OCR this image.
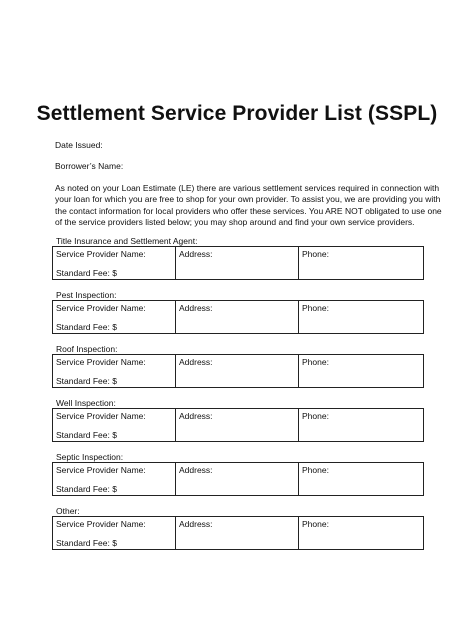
Settlement Service Provider List (SSPL)
Date Issued:
Borrower’s Name:
As noted on your Loan Estimate (LE) there are various settlement services required in connection with
your loan for which you are free to shop for your own provider. To assist you, we are providing you with
the contact information for local providers who offer these services. You ARE NOT obligated to use one
of the service providers listed below; you may shop around and find your own service providers.
Title Insurance and Settlement Agent:
Service Provider Name:
Standard Fee: $
Address:	Phone:
Pest Inspection:
Service Provider Name:
Standard Fee: $
Address:	Phone:
Roof Inspection:
Service Provider Name:
Standard Fee: $
Address:	Phone:
Well Inspection:
Service Provider Name:
Standard Fee: $
Address:	Phone:
Septic Inspection:
Service Provider Name:
Standard Fee: $
Address:	Phone:
Other:
Service Provider Name:
Standard Fee: $
Address:	Phone:
